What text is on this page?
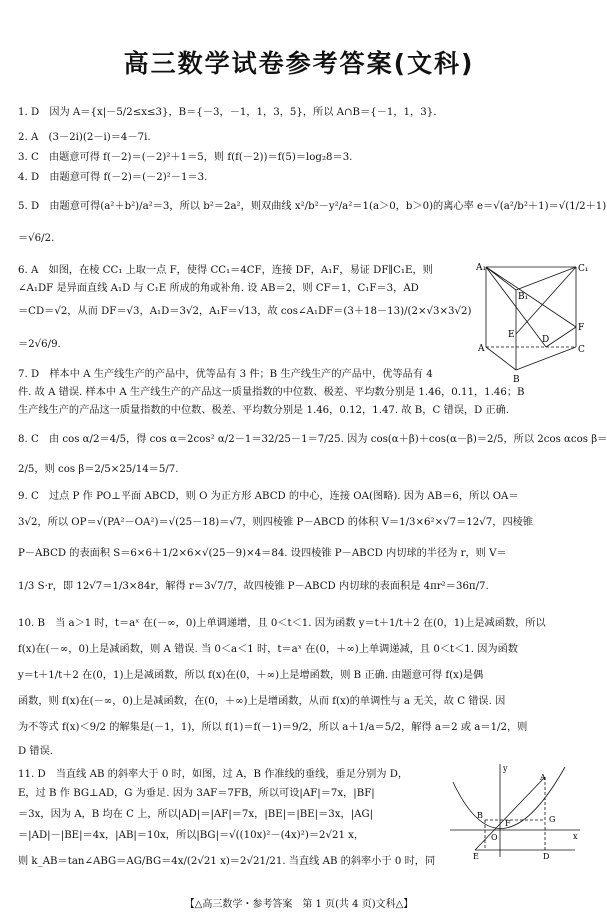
高三数学试卷参考答案(文科)
1. D　因为 A＝{x|－5/2≤x≤3}，B＝{－3，－1，1，3，5}，所以 A∩B＝{－1，1，3}.
2. A　(3－2i)(2－i)＝4－7i.
3. C　由题意可得 f(－2)＝(－2)²＋1＝5，则 f(f(－2))＝f(5)＝log₂8＝3.
4. D　由题意可得 f(－2)＝(－2)²－1＝3.
5. D　由题意可得(a²＋b²)/a²＝3，所以 b²＝2a²，则双曲线 x²/b²－y²/a²＝1(a＞0，b＞0)的离心率 e＝√(a²/b²＋1)＝√(1/2＋1)
＝√6/2.
6. A　如图，在棱 CC₁ 上取一点 F，使得 CC₁＝4CF，连接 DF，A₁F，易证 DF∥C₁E，则
∠A₁DF 是异面直线 A₁D 与 C₁E 所成的角或补角. 设 AB＝2，则 CF＝1，C₁F＝3，AD
＝CD＝√2，从而 DF＝√3，A₁D＝3√2，A₁F＝√13，故 cos∠A₁DF＝(3＋18－13)/(2×√3×3√2)
＝2√6/9.
7. D　样本中 A 生产线生产的产品中，优等品有 3 件；B 生产线生产的产品中，优等品有 4
件. 故 A 错误. 样本中 A 生产线生产的产品这一质量指数的中位数、极差、平均数分别是 1.46，0.11，1.46；B
生产线生产的产品这一质量指数的中位数、极差、平均数分别是 1.46，0.12，1.47. 故 B，C 错误，D 正确.
8. C　由 cos α/2＝4/5，得 cos α＝2cos² α/2－1＝32/25－1＝7/25. 因为 cos(α＋β)＋cos(α－β)＝2/5，所以 2cos αcos β＝
2/5，则 cos β＝2/5×25/14＝5/7.
9. C　过点 P 作 PO⊥平面 ABCD，则 O 为正方形 ABCD 的中心，连接 OA(图略). 因为 AB＝6，所以 OA＝
3√2，所以 OP＝√(PA²－OA²)＝√(25－18)＝√7，则四棱锥 P－ABCD 的体积 V＝1/3×6²×√7＝12√7，四棱锥
P－ABCD 的表面积 S＝6×6＋1/2×6×√(25－9)×4＝84. 设四棱锥 P－ABCD 内切球的半径为 r，则 V＝
1/3 S·r，即 12√7＝1/3×84r，解得 r＝3√7/7，故四棱锥 P－ABCD 内切球的表面积是 4πr²＝36π/7.
10. B　当 a＞1 时，t＝aˣ 在(－∞，0)上单调递增，且 0＜t＜1. 因为函数 y＝t＋1/t＋2 在(0，1)上是减函数，所以
f(x)在(－∞，0)上是减函数，则 A 错误. 当 0＜a＜1 时，t＝aˣ 在(0，＋∞)上单调递减，且 0＜t＜1. 因为函数
y＝t＋1/t＋2 在(0，1)上是减函数，所以 f(x)在(0，＋∞)上是增函数，则 B 正确. 由题意可得 f(x)是偶
函数，则 f(x)在(－∞，0)上是减函数，在(0，＋∞)上是增函数，从而 f(x)的单调性与 a 无关，故 C 错误. 因
为不等式 f(x)＜9/2 的解集是(－1，1)，所以 f(1)＝f(－1)＝9/2，所以 a＋1/a＝5/2，解得 a＝2 或 a＝1/2，则
D 错误.
11. D　当直线 AB 的斜率大于 0 时，如图，过 A，B 作准线的垂线，垂足分别为 D，
E，过 B 作 BG⊥AD，G 为垂足. 因为 3AF＝7FB，所以可设|AF|＝7x，|BF|
＝3x，因为 A，B 均在 C 上，所以|AD|＝|AF|＝7x，|BE|＝|BE|＝3x，|AG|
＝|AD|－|BE|＝4x，|AB|＝10x，所以|BG|＝√((10x)²－(4x)²)＝2√21 x，
则 k_AB＝tan∠ABG＝AG/BG＝4x/(2√21 x)＝2√21/21. 当直线 AB 的斜率小于 0 时，同
A₁	C₁
B₁
E
F
A	C
D
B
y
x
A
B
F
O
G
E	D
【△高三数学・参考答案　第 1 页(共 4 页)文科△】
